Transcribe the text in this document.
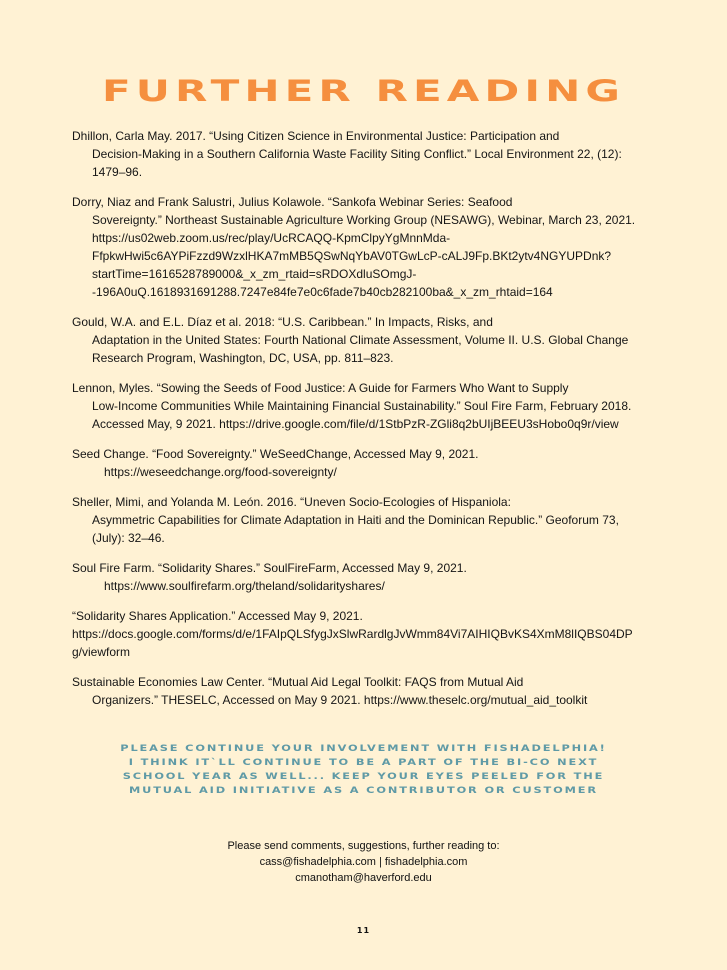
FURTHER READING
Dhillon, Carla May. 2017. “Using Citizen Science in Environmental Justice: Participation and
Decision-Making in a Southern California Waste Facility Siting Conflict.” Local Environment 22, (12):
1479–96.
Dorry, Niaz and Frank Salustri, Julius Kolawole. “Sankofa Webinar Series: Seafood
Sovereignty.” Northeast Sustainable Agriculture Working Group (NESAWG), Webinar, March 23, 2021.
https://us02web.zoom.us/rec/play/UcRCAQQ-KpmClpyYgMnnMda-
FfpkwHwi5c6AYPiFzzd9WzxlHKA7mMB5QSwNqYbAV0TGwLcP-cALJ9Fp.BKt2ytv4NGYUPDnk?
startTime=1616528789000&_x_zm_rtaid=sRDOXdluSOmgJ-
-196A0uQ.1618931691288.7247e84fe7e0c6fade7b40cb282100ba&_x_zm_rhtaid=164
Gould, W.A. and E.L. Díaz et al. 2018: “U.S. Caribbean.” In Impacts, Risks, and
Adaptation in the United States: Fourth National Climate Assessment, Volume II. U.S. Global Change
Research Program, Washington, DC, USA, pp. 811–823.
Lennon, Myles. “Sowing the Seeds of Food Justice: A Guide for Farmers Who Want to Supply
Low-Income Communities While Maintaining Financial Sustainability.” Soul Fire Farm, February 2018.
Accessed May, 9 2021. https://drive.google.com/file/d/1StbPzR-ZGli8q2bUIjBEEU3sHobo0q9r/view
Seed Change. “Food Sovereignty.” WeSeedChange, Accessed May 9, 2021.
https://weseedchange.org/food-sovereignty/
Sheller, Mimi, and Yolanda M. León. 2016. “Uneven Socio-Ecologies of Hispaniola:
Asymmetric Capabilities for Climate Adaptation in Haiti and the Dominican Republic.” Geoforum 73,
(July): 32–46.
Soul Fire Farm. “Solidarity Shares.” SoulFireFarm, Accessed May 9, 2021.
https://www.soulfirefarm.org/theland/solidarityshares/
“Solidarity Shares Application.” Accessed May 9, 2021.
https://docs.google.com/forms/d/e/1FAIpQLSfygJxSlwRardlgJvWmm84Vi7AIHIQBvKS4XmM8lIQBS04DP
g/viewform
Sustainable Economies Law Center. “Mutual Aid Legal Toolkit: FAQS from Mutual Aid
Organizers.” THESELC, Accessed on May 9 2021. https://www.theselc.org/mutual_aid_toolkit
PLEASE CONTINUE YOUR INVOLVEMENT WITH FISHADELPHIA!
I THINK IT`LL CONTINUE TO BE A PART OF THE BI-CO NEXT
SCHOOL YEAR AS WELL... KEEP YOUR EYES PEELED FOR THE
MUTUAL AID INITIATIVE AS A CONTRIBUTOR OR CUSTOMER
Please send comments, suggestions, further reading to:
cass@fishadelphia.com | fishadelphia.com
cmanotham@haverford.edu
11
